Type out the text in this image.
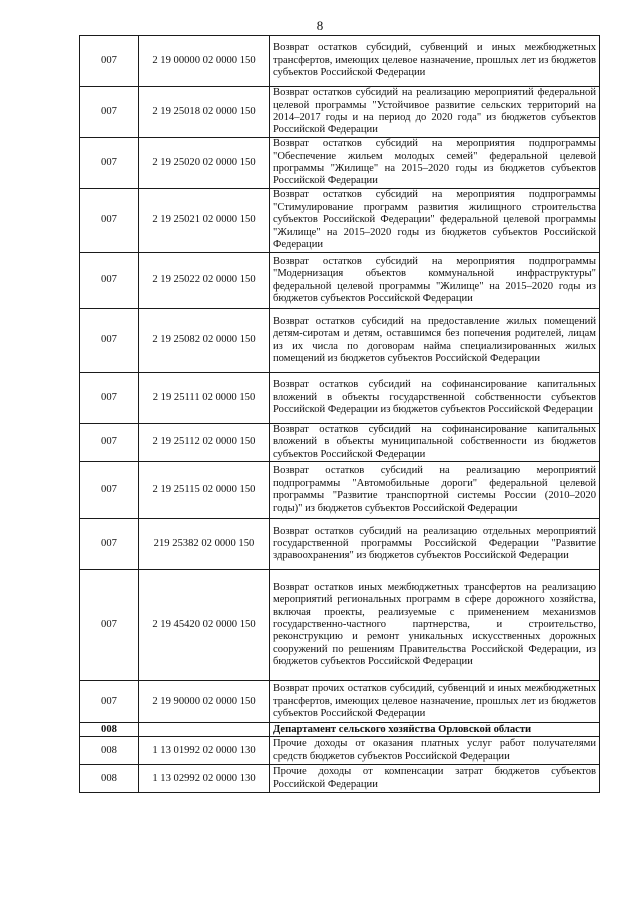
8
007	2 19 00000 02 0000 150	Возврат остатков субсидий, субвенций и иных межбюджетных трансфертов, имеющих целевое назначение, прошлых лет из бюджетов субъектов Российской Федерации
007	2 19 25018 02 0000 150	Возврат остатков субсидий на реализацию мероприятий федеральной целевой программы "Устойчивое развитие сельских территорий на 2014–2017 годы и на период до 2020 года" из бюджетов субъектов Российской Федерации
007	2 19 25020 02 0000 150	Возврат остатков субсидий на мероприятия подпрограммы "Обеспечение жильем молодых семей" федеральной целевой программы "Жилище" на 2015–2020 годы из бюджетов субъектов Российской Федерации
007	2 19 25021 02 0000 150	Возврат остатков субсидий на мероприятия подпрограммы "Стимулирование программ развития жилищного строительства субъектов Российской Федерации" федеральной целевой программы "Жилище" на 2015–2020 годы из бюджетов субъектов Российской Федерации
007	2 19 25022 02 0000 150	Возврат остатков субсидий на мероприятия подпрограммы "Модернизация объектов коммунальной инфраструктуры" федеральной целевой программы "Жилище" на 2015–2020 годы из бюджетов субъектов Российской Федерации
007	2 19 25082 02 0000 150	Возврат остатков субсидий на предоставление жилых помещений детям-сиротам и детям, оставшимся без попечения родителей, лицам из их числа по договорам найма специализированных жилых помещений из бюджетов субъектов Российской Федерации
007	2 19 25111 02 0000 150	Возврат остатков субсидий на софинансирование капитальных вложений в объекты государственной собственности субъектов Российской Федерации из бюджетов субъектов Российской Федерации
007	2 19 25112 02 0000 150	Возврат остатков субсидий на софинансирование капитальных вложений в объекты муниципальной собственности из бюджетов субъектов Российской Федерации
007	2 19 25115 02 0000 150	Возврат остатков субсидий на реализацию мероприятий подпрограммы "Автомобильные дороги" федеральной целевой программы "Развитие транспортной системы России (2010–2020 годы)" из бюджетов субъектов Российской Федерации
007	219 25382 02 0000 150	Возврат остатков субсидий на реализацию отдельных мероприятий государственной программы Российской Федерации "Развитие здравоохранения" из бюджетов субъектов Российской Федерации
007	2 19 45420 02 0000 150	Возврат остатков иных межбюджетных трансфертов на реализацию мероприятий региональных программ в сфере дорожного хозяйства, включая проекты, реализуемые с применением механизмов государственно-частного партнерства, и строительство, реконструкцию и ремонт уникальных искусственных дорожных сооружений по решениям Правительства Российской Федерации, из бюджетов субъектов Российской Федерации
007	2 19 90000 02 0000 150	Возврат прочих остатков субсидий, субвенций и иных межбюджетных трансфертов, имеющих целевое назначение, прошлых лет из бюджетов субъектов Российской Федерации
008		Департамент сельского хозяйства Орловской области
008	1 13 01992 02 0000 130	Прочие доходы от оказания платных услуг работ получателями средств бюджетов субъектов Российской Федерации
008	1 13 02992 02 0000 130	Прочие доходы от компенсации затрат бюджетов субъектов Российской Федерации
